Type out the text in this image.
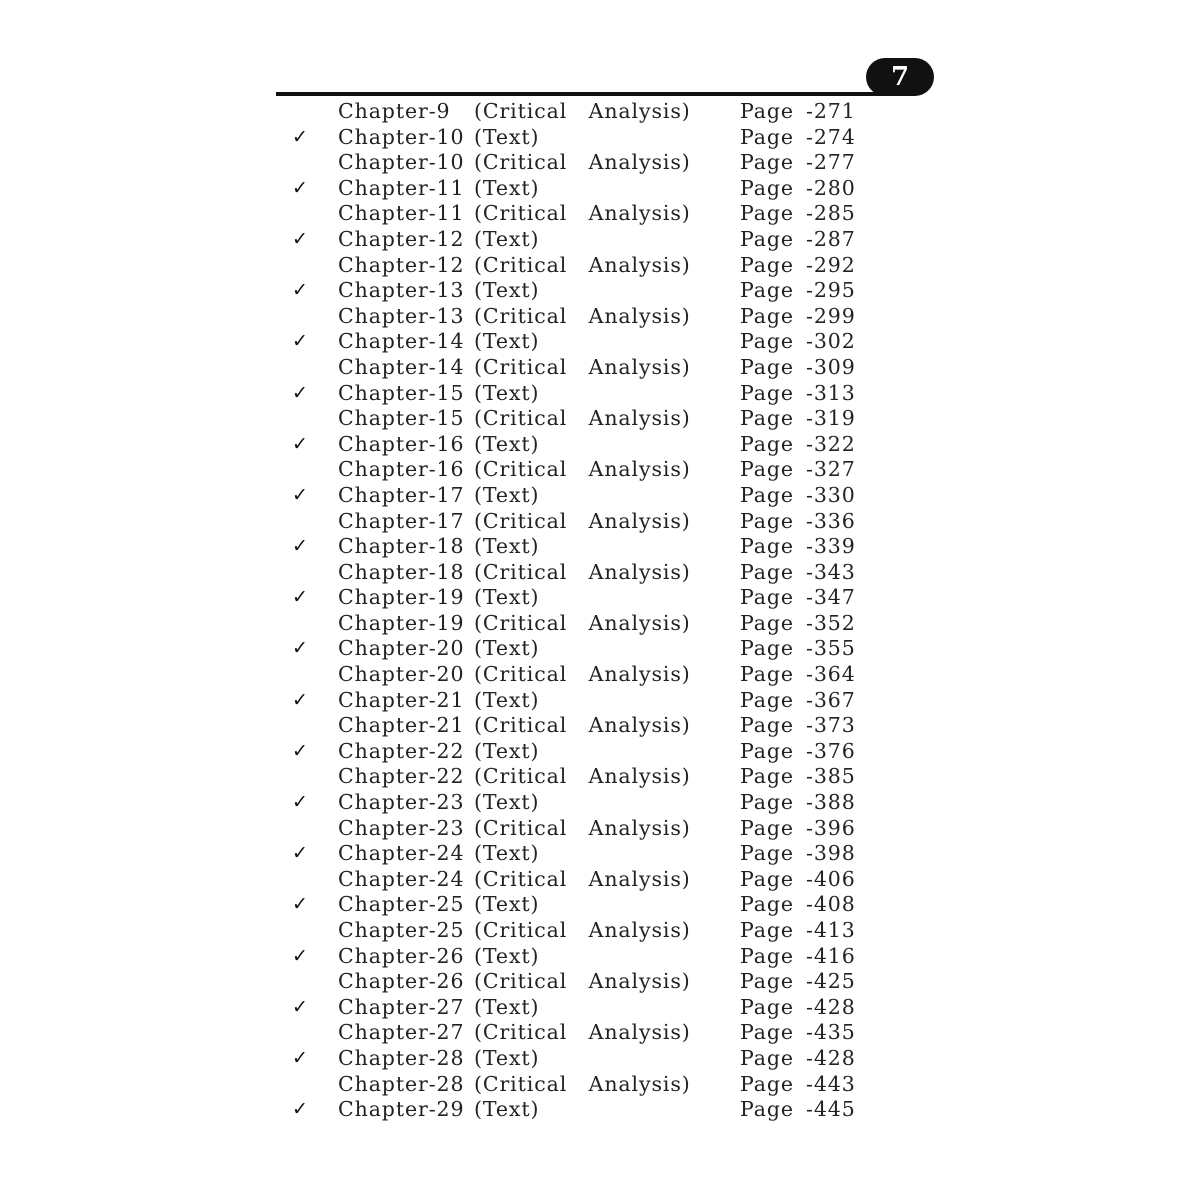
7
Chapter-9 (Critical Analysis) Page -271
✓ Chapter-10 (Text)	Page -274
Chapter-10 (Critical Analysis) Page -277
✓ Chapter-11 (Text)	Page -280
Chapter-11 (Critical Analysis) Page -285
✓ Chapter-12 (Text)	Page -287
Chapter-12 (Critical Analysis) Page -292
✓ Chapter-13 (Text)	Page -295
Chapter-13 (Critical Analysis) Page -299
✓ Chapter-14 (Text)	Page -302
Chapter-14 (Critical Analysis) Page -309
✓ Chapter-15 (Text)	Page -313
Chapter-15 (Critical Analysis) Page -319
✓ Chapter-16 (Text)	Page -322
Chapter-16 (Critical Analysis) Page -327
✓ Chapter-17 (Text)	Page -330
Chapter-17 (Critical Analysis) Page -336
✓ Chapter-18 (Text)	Page -339
Chapter-18 (Critical Analysis) Page -343
✓ Chapter-19 (Text)	Page -347
Chapter-19 (Critical Analysis) Page -352
✓ Chapter-20 (Text)	Page -355
Chapter-20 (Critical Analysis) Page -364
✓ Chapter-21 (Text)	Page -367
Chapter-21 (Critical Analysis) Page -373
✓ Chapter-22 (Text)	Page -376
Chapter-22 (Critical Analysis) Page -385
✓ Chapter-23 (Text)	Page -388
Chapter-23 (Critical Analysis) Page -396
✓ Chapter-24 (Text)	Page -398
Chapter-24 (Critical Analysis) Page -406
✓ Chapter-25 (Text)	Page -408
Chapter-25 (Critical Analysis) Page -413
✓ Chapter-26 (Text)	Page -416
Chapter-26 (Critical Analysis) Page -425
✓ Chapter-27 (Text)	Page -428
Chapter-27 (Critical Analysis) Page -435
✓ Chapter-28 (Text)	Page -428
Chapter-28 (Critical Analysis) Page -443
✓ Chapter-29 (Text)	Page -445
